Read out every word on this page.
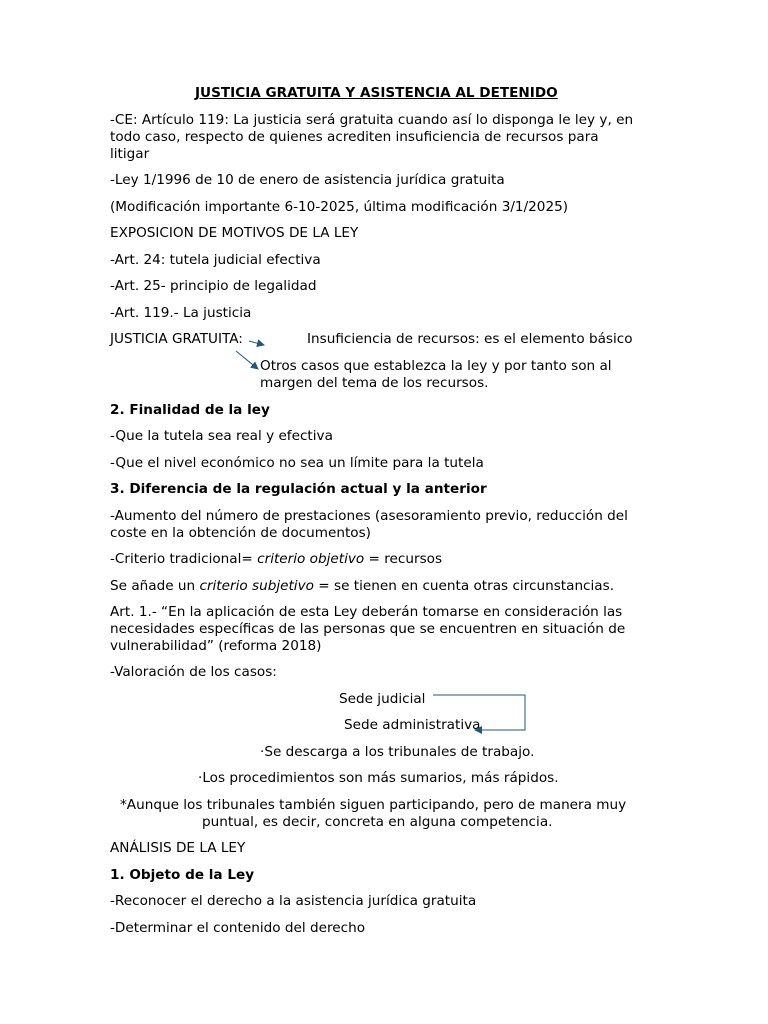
JUSTICIA GRATUITA Y ASISTENCIA AL DETENIDO

-CE: Artículo 119: La justicia será gratuita cuando así lo disponga le ley y, en

todo caso, respecto de quienes acrediten insuficiencia de recursos para

litigar

-Ley 1/1996 de 10 de enero de asistencia jurídica gratuita

(Modificación importante 6-10-2025, última modificación 3/1/2025)

EXPOSICION DE MOTIVOS DE LA LEY

-Art. 24: tutela judicial efectiva

-Art. 25- principio de legalidad

-Art. 119.- La justicia

JUSTICIA GRATUITA:	Insuficiencia de recursos: es el elemento básico

Otros casos que establezca la ley y por tanto son al

margen del tema de los recursos.

2. Finalidad de la ley

-Que la tutela sea real y efectiva

-Que el nivel económico no sea un límite para la tutela

3. Diferencia de la regulación actual y la anterior

-Aumento del número de prestaciones (asesoramiento previo, reducción del

coste en la obtención de documentos)

-Criterio tradicional= criterio objetivo = recursos

Se añade un criterio subjetivo = se tienen en cuenta otras circunstancias.

Art. 1.- “En la aplicación de esta Ley deberán tomarse en consideración las

necesidades específicas de las personas que se encuentren en situación de

vulnerabilidad” (reforma 2018)

-Valoración de los casos:

Sede judicial

Sede administrativa

·Se descarga a los tribunales de trabajo.

·Los procedimientos son más sumarios, más rápidos.

*Aunque los tribunales también siguen participando, pero de manera muy

puntual, es decir, concreta en alguna competencia.

ANÁLISIS DE LA LEY

1. Objeto de la Ley

-Reconocer el derecho a la asistencia jurídica gratuita

-Determinar el contenido del derecho
